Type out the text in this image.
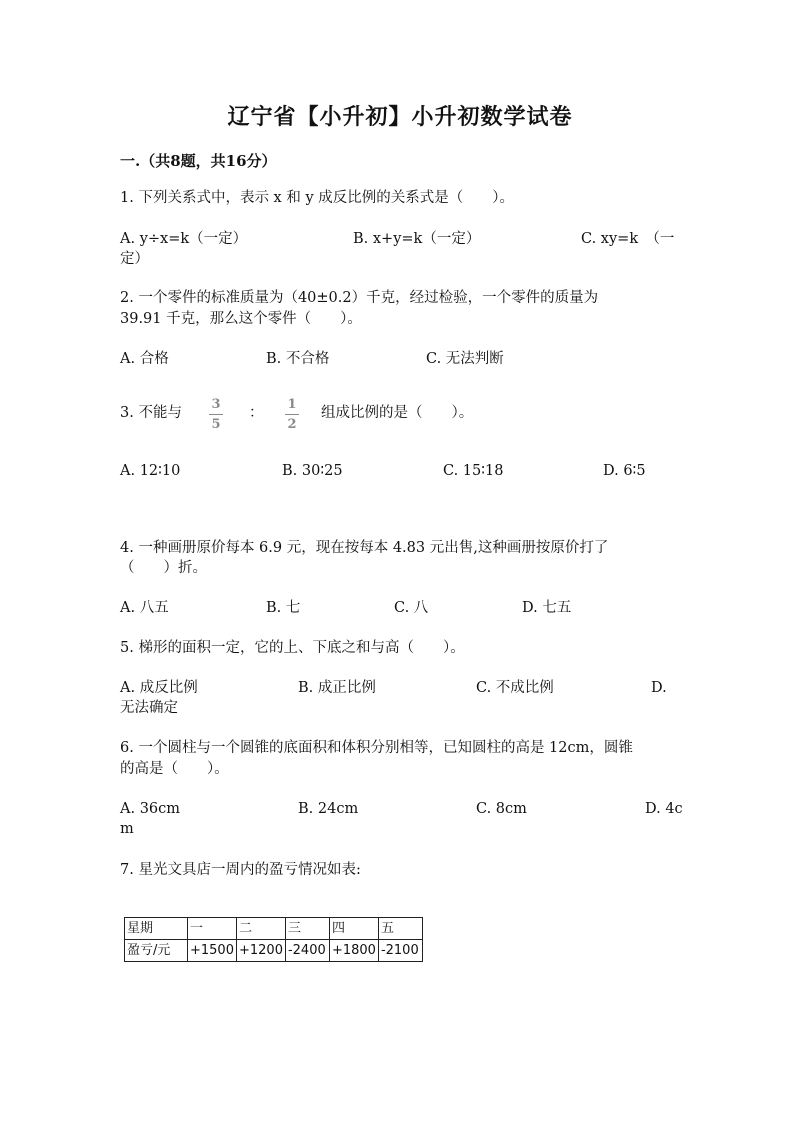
辽宁省【小升初】小升初数学试卷
一.（共8题，共16分）
1. 下列关系式中，表示 x 和 y 成反比例的关系式是（　　）。
A. y÷x=k（一定）	B. x+y=k（一定）	C. xy=k　（一
定）
2. 一个零件的标准质量为（40±0.2）千克，经过检验，一个零件的质量为
39.91 千克，那么这个零件（　　）。
A. 合格	B. 不合格	C. 无法判断
3. 不能与
3
5
：
1
2
组成比例的是（　　）。
A. 12∶10	B. 30∶25	C. 15∶18	D. 6∶5
4. 一种画册原价每本 6.9 元，现在按每本 4.83 元出售,这种画册按原价打了
（　　）折。
A. 八五	B. 七	C. 八	D. 七五
5. 梯形的面积一定，它的上、下底之和与高（　　）。
A. 成反比例	B. 成正比例	C. 不成比例	D.
无法确定
6. 一个圆柱与一个圆锥的底面积和体积分别相等，已知圆柱的高是 12cm，圆锥
的高是（　　）。
A. 36cm	B. 24cm	C. 8cm	D. 4c
m
7. 星光文具店一周内的盈亏情况如表:
星期	一	二	三	四	五
盈亏/元	+1500	+1200	-2400	+1800	-2100
